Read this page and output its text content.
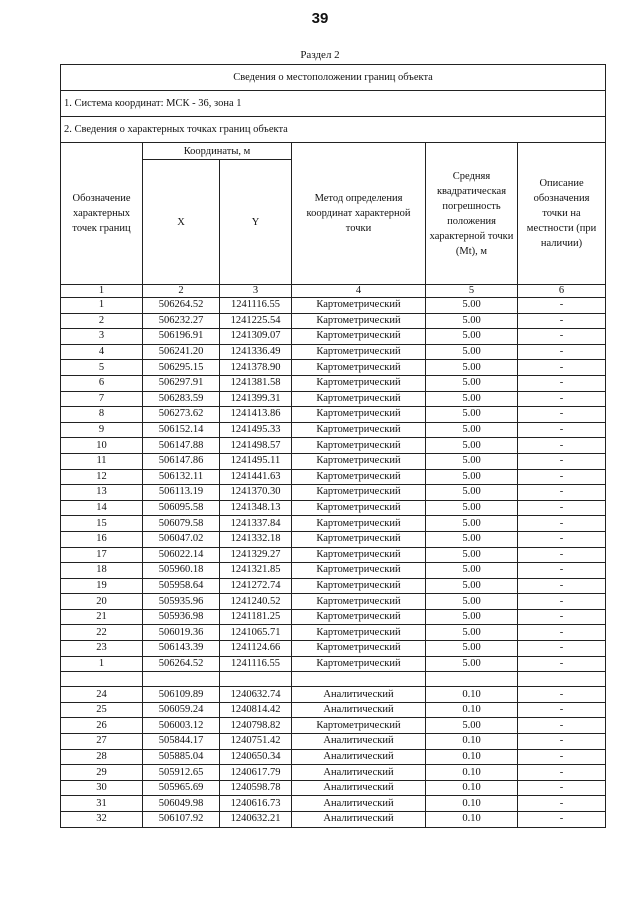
39
Раздел 2
Сведения о местоположении границ объекта					
1. Система координат: МСК - 36, зона 1					
2. Сведения о характерных точках границ объекта					
Обозначение характерных точек границ	Координаты, м		Метод определения координат характерной точки	Средняя квадратическая погрешность положения характерной точки (Mt), м	Описание обозначения точки на местности (при наличии)
	X	Y			
1	2	3	4	5	6
1	506264.52	1241116.55	Картометрический	5.00	-
2	506232.27	1241225.54	Картометрический	5.00	-
3	506196.91	1241309.07	Картометрический	5.00	-
4	506241.20	1241336.49	Картометрический	5.00	-
5	506295.15	1241378.90	Картометрический	5.00	-
6	506297.91	1241381.58	Картометрический	5.00	-
7	506283.59	1241399.31	Картометрический	5.00	-
8	506273.62	1241413.86	Картометрический	5.00	-
9	506152.14	1241495.33	Картометрический	5.00	-
10	506147.88	1241498.57	Картометрический	5.00	-
11	506147.86	1241495.11	Картометрический	5.00	-
12	506132.11	1241441.63	Картометрический	5.00	-
13	506113.19	1241370.30	Картометрический	5.00	-
14	506095.58	1241348.13	Картометрический	5.00	-
15	506079.58	1241337.84	Картометрический	5.00	-
16	506047.02	1241332.18	Картометрический	5.00	-
17	506022.14	1241329.27	Картометрический	5.00	-
18	505960.18	1241321.85	Картометрический	5.00	-
19	505958.64	1241272.74	Картометрический	5.00	-
20	505935.96	1241240.52	Картометрический	5.00	-
21	505936.98	1241181.25	Картометрический	5.00	-
22	506019.36	1241065.71	Картометрический	5.00	-
23	506143.39	1241124.66	Картометрический	5.00	-
1	506264.52	1241116.55	Картометрический	5.00	-

24	506109.89	1240632.74	Аналитический	0.10	-
25	506059.24	1240814.42	Аналитический	0.10	-
26	506003.12	1240798.82	Картометрический	5.00	-
27	505844.17	1240751.42	Аналитический	0.10	-
28	505885.04	1240650.34	Аналитический	0.10	-
29	505912.65	1240617.79	Аналитический	0.10	-
30	505965.69	1240598.78	Аналитический	0.10	-
31	506049.98	1240616.73	Аналитический	0.10	-
32	506107.92	1240632.21	Аналитический	0.10	-
